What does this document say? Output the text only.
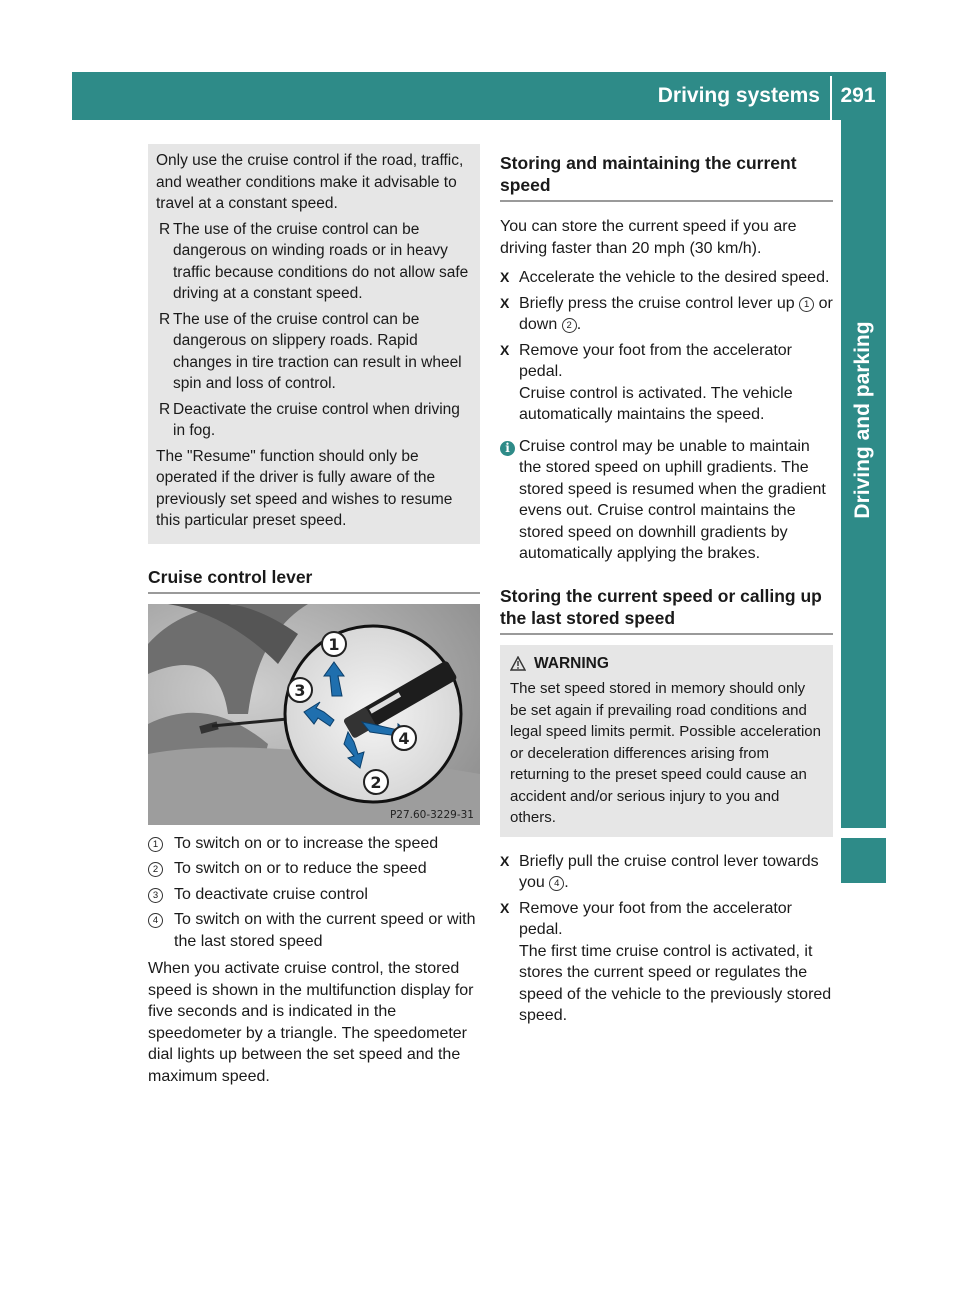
Driving systems 291
Driving and parking

Only use the cruise control if the road, traffic, and weather conditions make it advisable to travel at a constant speed.

R The use of the cruise control can be dangerous on winding roads or in heavy traffic because conditions do not allow safe driving at a constant speed.
R The use of the cruise control can be dangerous on slippery roads. Rapid changes in tire traction can result in wheel spin and loss of control.
R Deactivate the cruise control when driving in fog.

The "Resume" function should only be operated if the driver is fully aware of the previously set speed and wishes to resume this particular preset speed.

Cruise control lever
1
3
4
2
P27.60-3229-31
1 To switch on or to increase the speed
2 To switch on or to reduce the speed
3 To deactivate cruise control
4 To switch on with the current speed or with the last stored speed

When you activate cruise control, the stored speed is shown in the multifunction display for five seconds and is indicated in the speedometer by a triangle. The speedometer dial lights up between the set speed and the maximum speed.

Storing and maintaining the current speed

You can store the current speed if you are driving faster than 20 mph (30 km/h).

X Accelerate the vehicle to the desired speed.
X Briefly press the cruise control lever up 1 or down 2 .
X Remove your foot from the accelerator pedal.
Cruise control is activated. The vehicle automatically maintains the speed.
i Cruise control may be unable to maintain the stored speed on uphill gradients. The stored speed is resumed when the gradient evens out. Cruise control maintains the stored speed on downhill gradients by automatically applying the brakes.
Storing the current speed or calling up the last stored speed
WARNING

The set speed stored in memory should only be set again if prevailing road conditions and legal speed limits permit. Possible acceleration or deceleration differences arising from returning to the preset speed could cause an accident and/or serious injury to you and others.

X Briefly pull the cruise control lever towards you 4 .
X Remove your foot from the accelerator pedal.
The first time cruise control is activated, it stores the current speed or regulates the speed of the vehicle to the previously stored speed.
